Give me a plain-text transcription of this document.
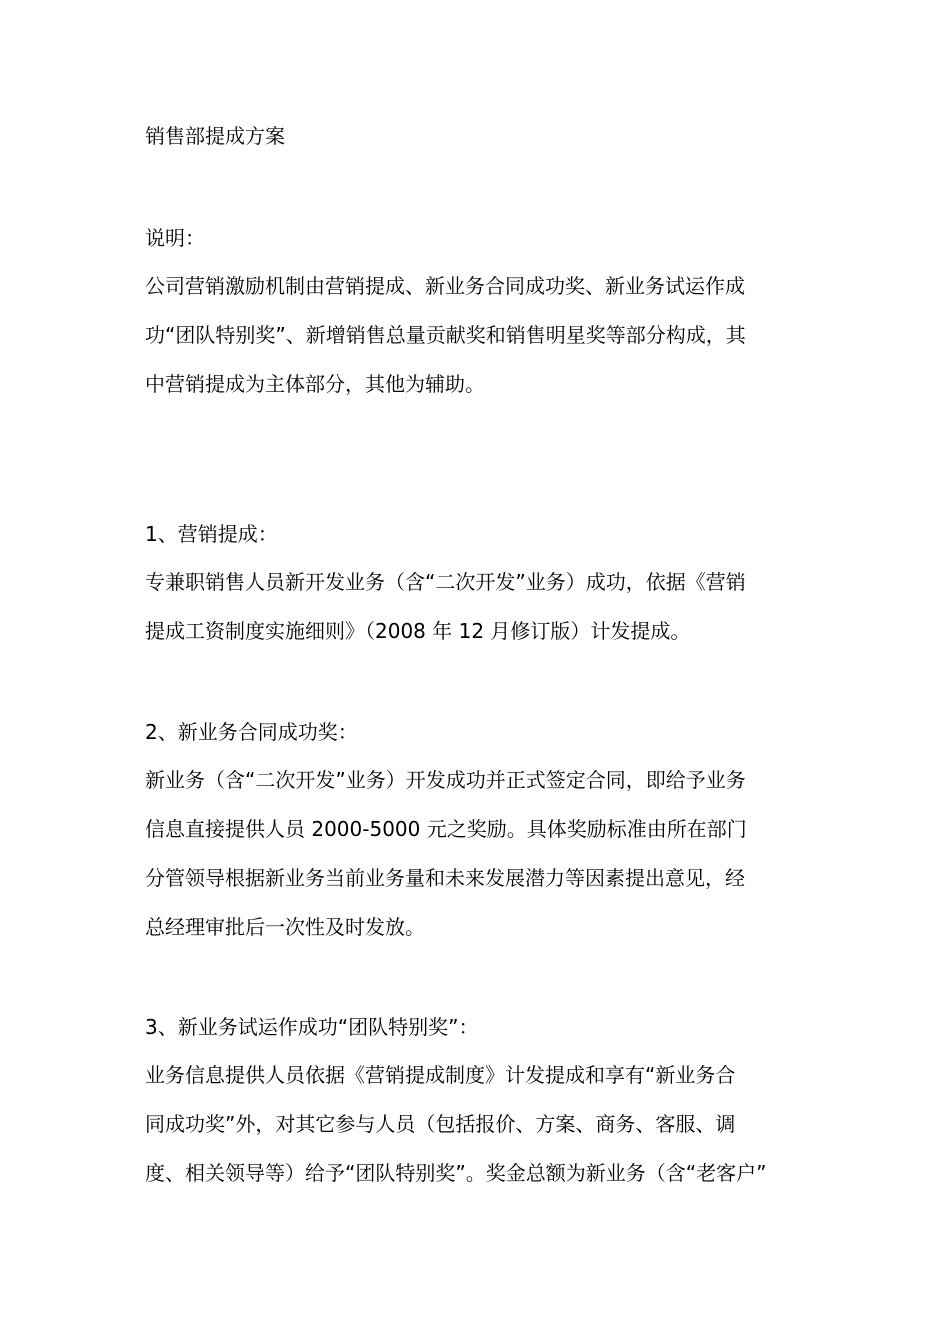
销售部提成方案
说明：
公司营销激励机制由营销提成、新业务合同成功奖、新业务试运作成
功“团队特别奖”、新增销售总量贡献奖和销售明星奖等部分构成，其
中营销提成为主体部分，其他为辅助。
1、营销提成：
专兼职销售人员新开发业务（含“二次开发”业务）成功，依据《营销
提成工资制度实施细则》（2008 年 12 月修订版）计发提成。
2、新业务合同成功奖：
新业务（含“二次开发”业务）开发成功并正式签定合同，即给予业务
信息直接提供人员 2000-5000 元之奖励。具体奖励标准由所在部门
分管领导根据新业务当前业务量和未来发展潜力等因素提出意见，经
总经理审批后一次性及时发放。
3、新业务试运作成功“团队特别奖”：
业务信息提供人员依据《营销提成制度》计发提成和享有“新业务合
同成功奖”外，对其它参与人员（包括报价、方案、商务、客服、调
度、相关领导等）给予“团队特别奖”。奖金总额为新业务（含“老客户”
